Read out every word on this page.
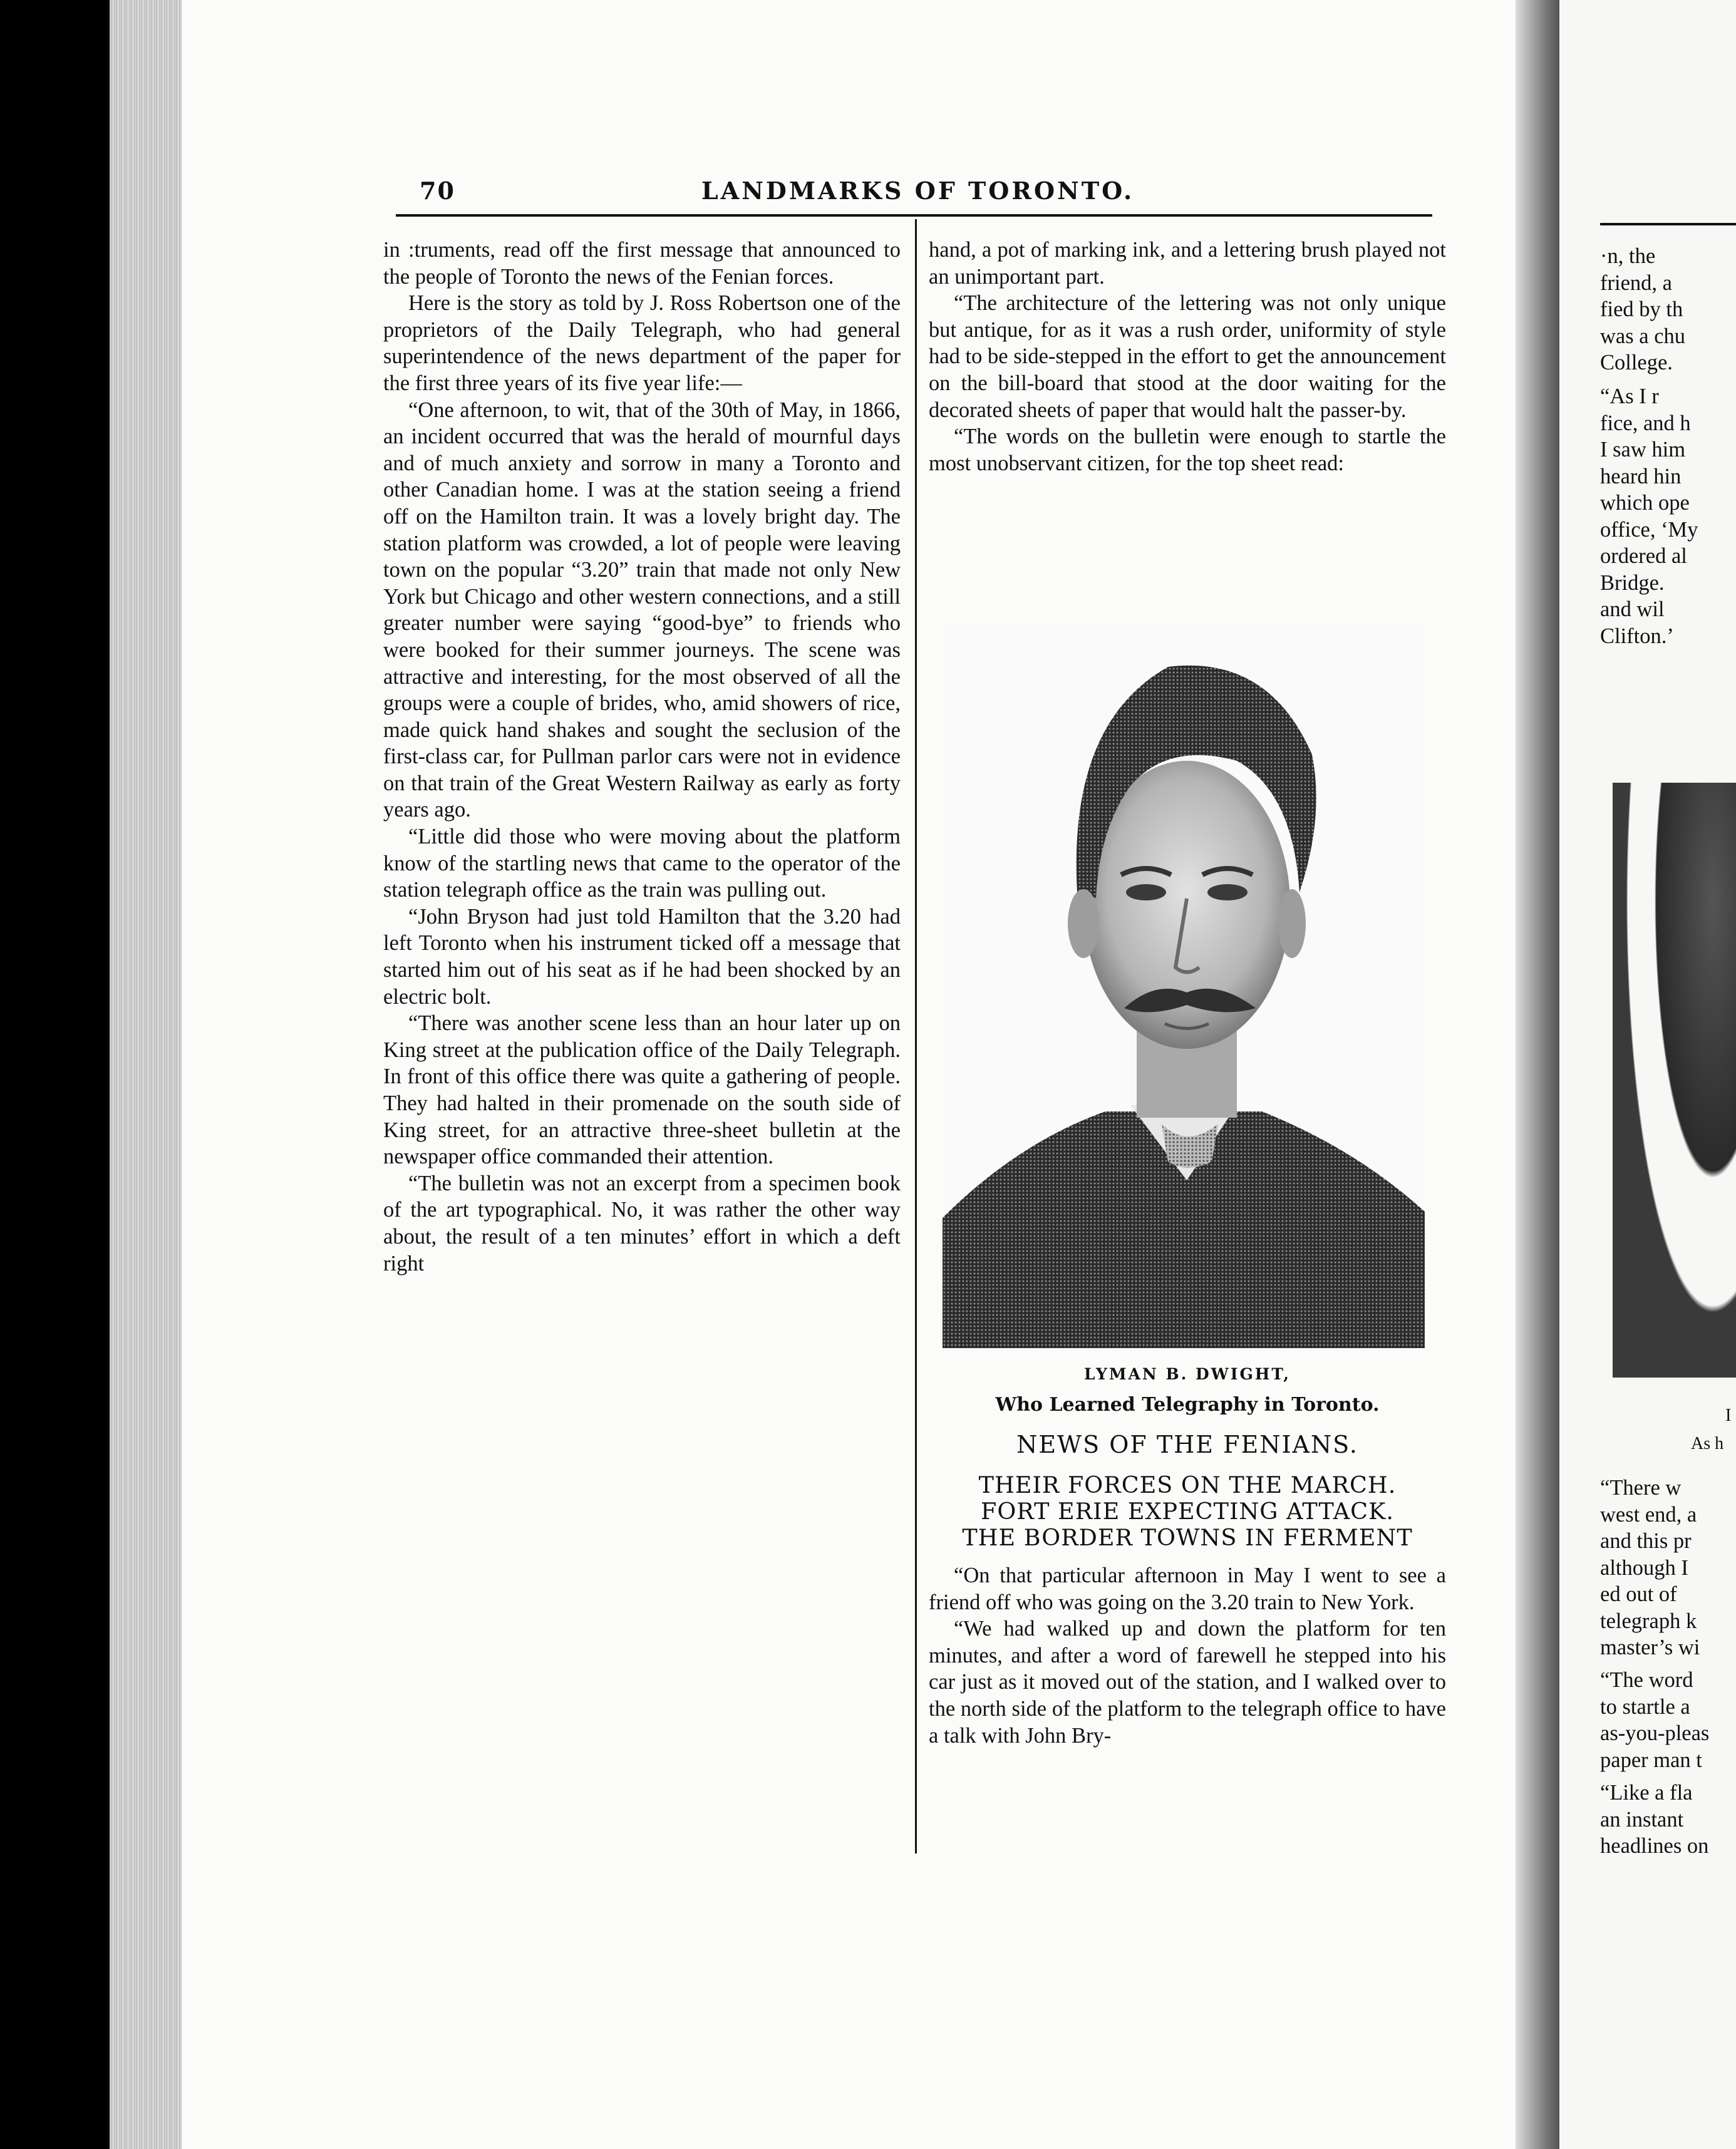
70	LANDMARKS OF TORONTO.

in :truments, read off the first message that announced to the people of Toronto the news of the Fenian forces.

Here is the story as told by J. Ross Robertson one of the proprietors of the Daily Telegraph, who had general superintendence of the news department of the paper for the first three years of its five year life:—

“One afternoon, to wit, that of the 30th of May, in 1866, an incident occurred that was the herald of mournful days and of much anxiety and sorrow in many a Toronto and other Canadian home. I was at the station seeing a friend off on the Hamilton train. It was a lovely bright day. The station platform was crowded, a lot of people were leaving town on the popular “3.20” train that made not only New York but Chicago and other western connections, and a still greater number were saying “good-bye” to friends who were booked for their summer journeys. The scene was attractive and interesting, for the most observed of all the groups were a couple of brides, who, amid showers of rice, made quick hand shakes and sought the seclusion of the first-class car, for Pullman parlor cars were not in evidence on that train of the Great Western Railway as early as forty years ago.

“Little did those who were moving about the platform know of the startling news that came to the operator of the station telegraph office as the train was pulling out.

“John Bryson had just told Hamilton that the 3.20 had left Toronto when his instrument ticked off a message that started him out of his seat as if he had been shocked by an electric bolt.

“There was another scene less than an hour later up on King street at the publication office of the Daily Telegraph. In front of this office there was quite a gathering of people. They had halted in their promenade on the south side of King street, for an attractive three-sheet bulletin at the newspaper office commanded their attention.

“The bulletin was not an excerpt from a specimen book of the art typographical. No, it was rather the other way about, the result of a ten minutes’ effort in which a deft right

hand, a pot of marking ink, and a lettering brush played not an unimportant part.

“The architecture of the lettering was not only unique but antique, for as it was a rush order, uniformity of style had to be side-stepped in the effort to get the announcement on the bill-board that stood at the door waiting for the decorated sheets of paper that would halt the passer-by.

“The words on the bulletin were enough to startle the most unobservant citizen, for the top sheet read:

LYMAN B. DWIGHT,
Who Learned Telegraphy in Toronto.
NEWS OF THE FENIANS.
THEIR FORCES ON THE MARCH.
FORT ERIE EXPECTING ATTACK.
THE BORDER TOWNS IN FERMENT

“On that particular afternoon in May I went to see a friend off who was going on the 3.20 train to New York.

“We had walked up and down the platform for ten minutes, and after a word of farewell he stepped into his car just as it moved out of the station, and I walked over to the north side of the platform to the telegraph office to have a talk with John Bry-

·n, the
friend, a
fied by th
was a chu
College.
“As I r
fice, and h
I saw him
heard hin
which ope
office, ‘My
ordered al
Bridge.
and wil
Clifton.’
I
As h
“There w
west end, a
and this pr
although I
ed out of
telegraph k
master’s wi
“The word
to startle a
as-you-pleas
paper man t
“Like a fla
an instant
headlines on
